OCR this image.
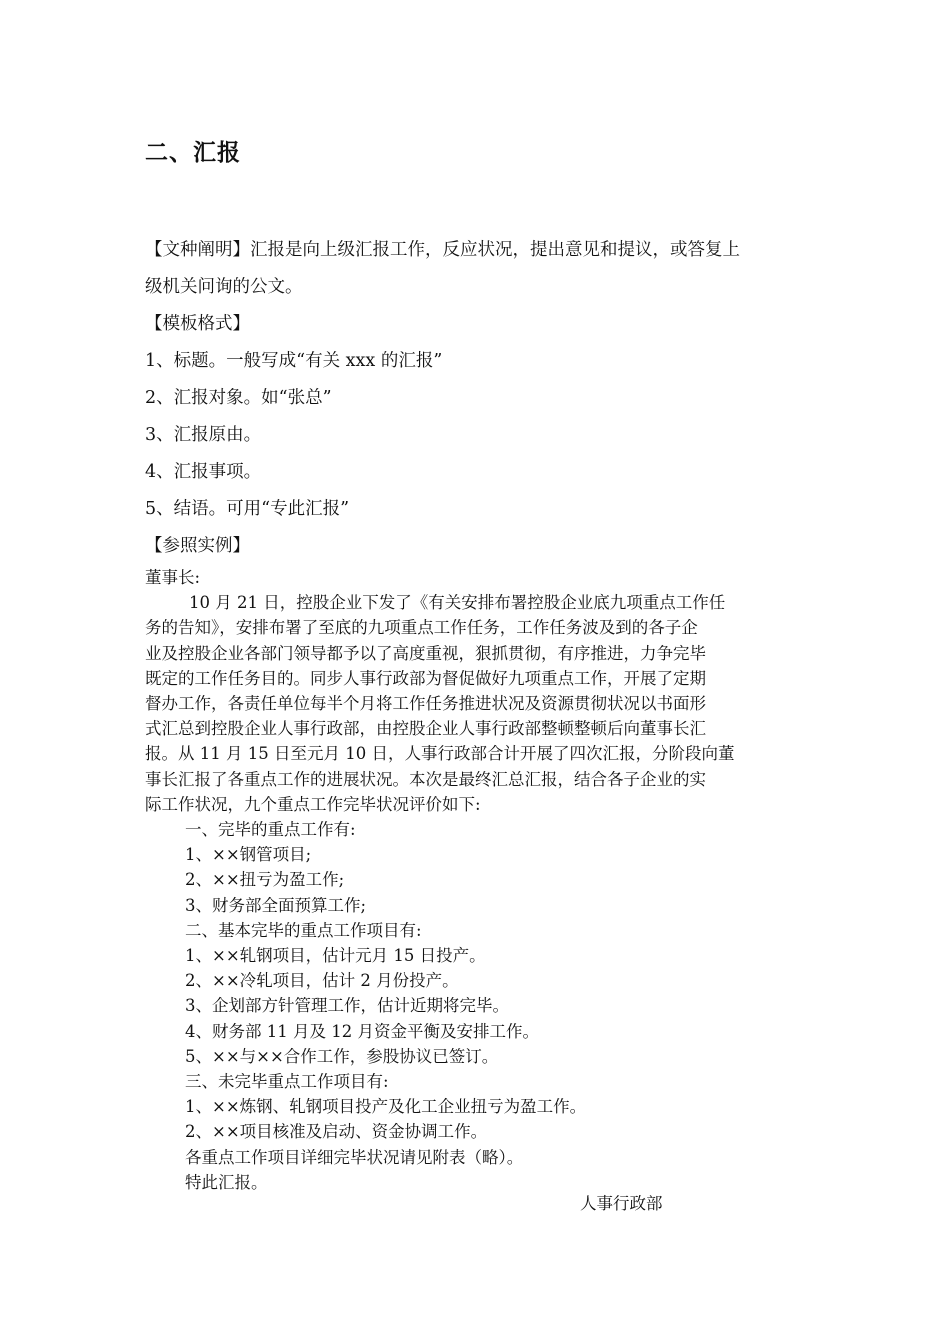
二、汇报

【文种阐明】汇报是向上级汇报工作，反应状况，提出意见和提议，或答复上

级机关问询的公文。

【模板格式】

1、标题。一般写成“有关 xxx 的汇报”

2、汇报对象。如“张总”

3、汇报原由。

4、汇报事项。

5、结语。可用“专此汇报”

【参照实例】

董事长:

10 月 21 日，控股企业下发了《有关安排布署控股企业底九项重点工作任

务的告知》，安排布署了至底的九项重点工作任务，工作任务波及到的各子企

业及控股企业各部门领导都予以了高度重视，狠抓贯彻，有序推进，力争完毕

既定的工作任务目的。同步人事行政部为督促做好九项重点工作，开展了定期

督办工作，各责任单位每半个月将工作任务推进状况及资源贯彻状况以书面形

式汇总到控股企业人事行政部，由控股企业人事行政部整顿整顿后向董事长汇

报。从 11 月 15 日至元月 10 日，人事行政部合计开展了四次汇报，分阶段向董

事长汇报了各重点工作的进展状况。本次是最终汇总汇报，结合各子企业的实

际工作状况，九个重点工作完毕状况评价如下:

一、完毕的重点工作有:

1、××钢管项目;

2、××扭亏为盈工作;

3、财务部全面预算工作;

二、基本完毕的重点工作项目有:

1、××轧钢项目，估计元月 15 日投产。

2、××冷轧项目，估计 2 月份投产。

3、企划部方针管理工作，估计近期将完毕。

4、财务部 11 月及 12 月资金平衡及安排工作。

5、××与××合作工作，参股协议已签订。

三、未完毕重点工作项目有:

1、××炼钢、轧钢项目投产及化工企业扭亏为盈工作。

2、××项目核准及启动、资金协调工作。

各重点工作项目详细完毕状况请见附表（略）。

特此汇报。

人事行政部
